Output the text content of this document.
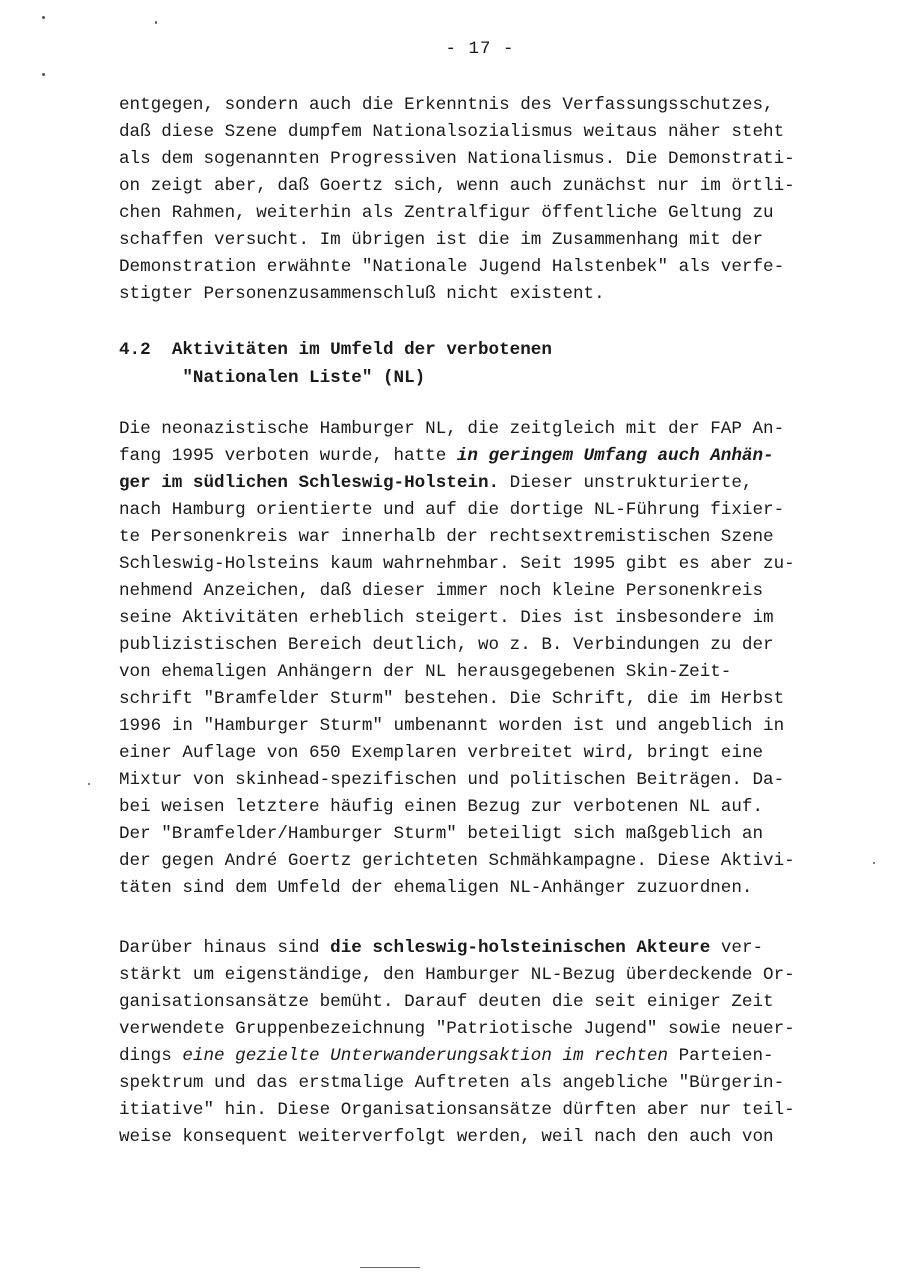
- 17 -
entgegen, sondern auch die Erkenntnis des Verfassungsschutzes,
daß diese Szene dumpfem Nationalsozialismus weitaus näher steht
als dem sogenannten Progressiven Nationalismus. Die Demonstrati-
on zeigt aber, daß Goertz sich, wenn auch zunächst nur im örtli-
chen Rahmen, weiterhin als Zentralfigur öffentliche Geltung zu
schaffen versucht. Im übrigen ist die im Zusammenhang mit der
Demonstration erwähnte "Nationale Jugend Halstenbek" als verfe-
stigter Personenzusammenschluß nicht existent.
4.2 Aktivitäten im Umfeld der verbotenen
"Nationalen Liste" (NL)
Die neonazistische Hamburger NL, die zeitgleich mit der FAP An-
fang 1995 verboten wurde, hatte in geringem Umfang auch Anhän-
ger im südlichen Schleswig-Holstein. Dieser unstrukturierte,
nach Hamburg orientierte und auf die dortige NL-Führung fixier-
te Personenkreis war innerhalb der rechtsextremistischen Szene
Schleswig-Holsteins kaum wahrnehmbar. Seit 1995 gibt es aber zu-
nehmend Anzeichen, daß dieser immer noch kleine Personenkreis
seine Aktivitäten erheblich steigert. Dies ist insbesondere im
publizistischen Bereich deutlich, wo z. B. Verbindungen zu der
von ehemaligen Anhängern der NL herausgegebenen Skin-Zeit-
schrift "Bramfelder Sturm" bestehen. Die Schrift, die im Herbst
1996 in "Hamburger Sturm" umbenannt worden ist und angeblich in
einer Auflage von 650 Exemplaren verbreitet wird, bringt eine
Mixtur von skinhead-spezifischen und politischen Beiträgen. Da-
bei weisen letztere häufig einen Bezug zur verbotenen NL auf.
Der "Bramfelder/Hamburger Sturm" beteiligt sich maßgeblich an
der gegen André Goertz gerichteten Schmähkampagne. Diese Aktivi-
täten sind dem Umfeld der ehemaligen NL-Anhänger zuzuordnen.
Darüber hinaus sind die schleswig-holsteinischen Akteure ver-
stärkt um eigenständige, den Hamburger NL-Bezug überdeckende Or-
ganisationsansätze bemüht. Darauf deuten die seit einiger Zeit
verwendete Gruppenbezeichnung "Patriotische Jugend" sowie neuer-
dings eine gezielte Unterwanderungsaktion im rechten Parteien-
spektrum und das erstmalige Auftreten als angebliche "Bürgerin-
itiative" hin. Diese Organisationsansätze dürften aber nur teil-
weise konsequent weiterverfolgt werden, weil nach den auch von
